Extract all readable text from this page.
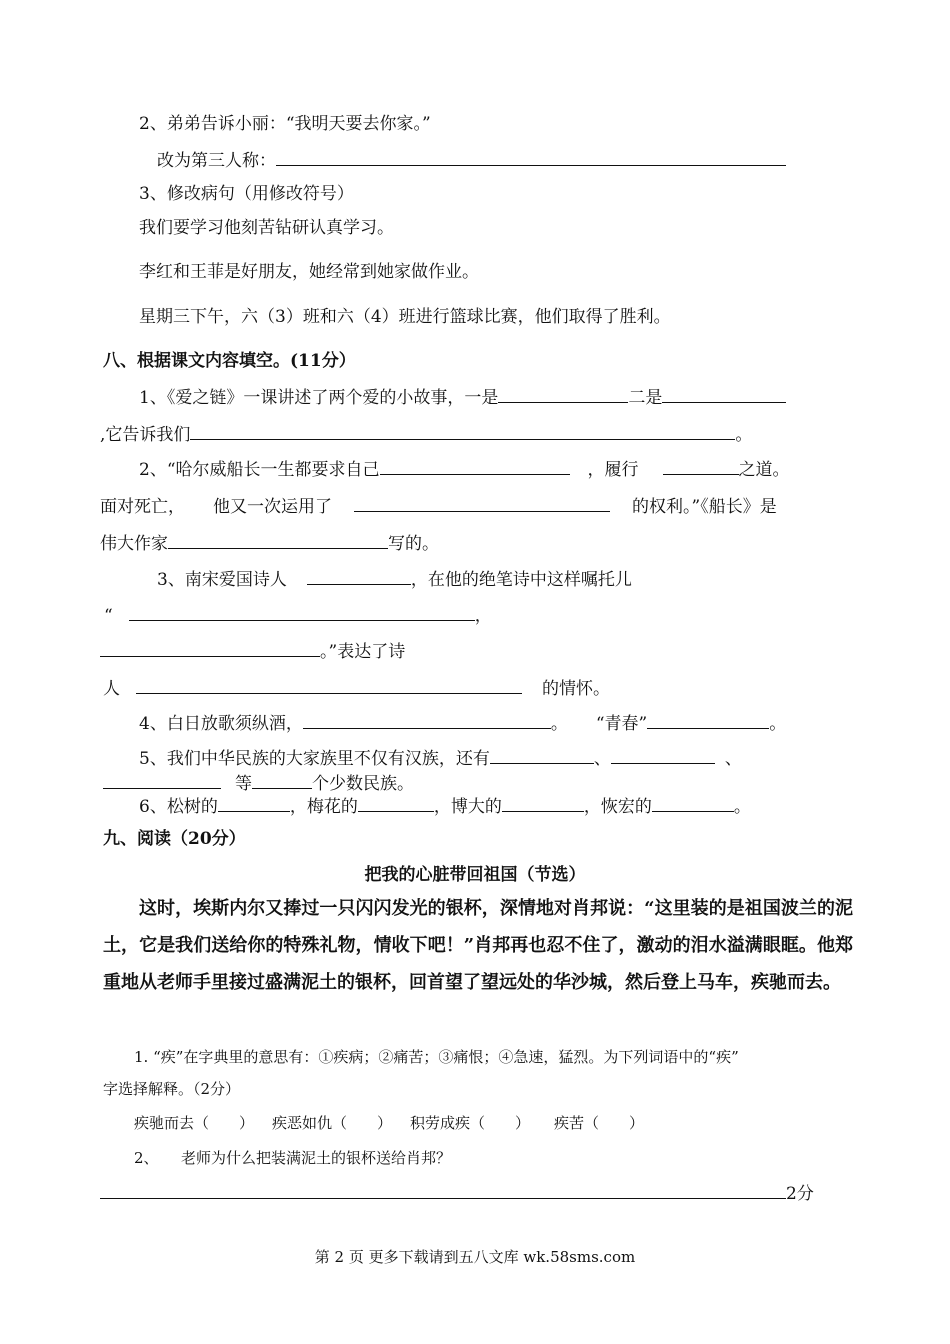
2、弟弟告诉小丽：“我明天要去你家。”
改为第三人称：
3、修改病句（用修改符号）
我们要学习他刻苦钻研认真学习。
李红和王菲是好朋友，她经常到她家做作业。
星期三下午，六（3）班和六（4）班进行篮球比赛，他们取得了胜利。
八、根据课文内容填空。(11分）
1、《爱之链》一课讲述了两个爱的小故事，一是	二是
,它告诉我们	。
2、“哈尔威船长一生都要求自己	，履行	之道。
面对死亡， 他又一次运用了	的权利。”《船长》是
伟大作家	写的。
3、南宋爱国诗人	，在他的绝笔诗中这样嘱托儿
“	，
。”表达了诗
人	的情怀。
4、白日放歌须纵酒，	。 “青春”	。
5、我们中华民族的大家族里不仅有汉族，还有	、	、
等	个少数民族。
6、松树的	，梅花的	，博大的	，恢宏的	。
九、阅读（20分）
把我的心脏带回祖国（节选）
这时，埃斯内尔又捧过一只闪闪发光的银杯，深情地对肖邦说：“这里装的是祖国波兰的泥土，它是我们送给你的特殊礼物，情收下吧！”肖邦再也忍不住了，激动的泪水溢满眼眶。他郑重地从老师手里接过盛满泥土的银杯，回首望了望远处的华沙城，然后登上马车，疾驰而去。
1. “疾”在字典里的意思有：①疾病；②痛苦；③痛恨；④急速，猛烈。为下列词语中的“疾”
字选择解释。（2分）
疾驰而去（　　） 疾恶如仇（　　） 积劳成疾（　　） 疾苦（　　）
2、　　老师为什么把装满泥土的银杯送给肖邦？
2分
第 2 页 更多下载请到五八文库 wk.58sms.com
